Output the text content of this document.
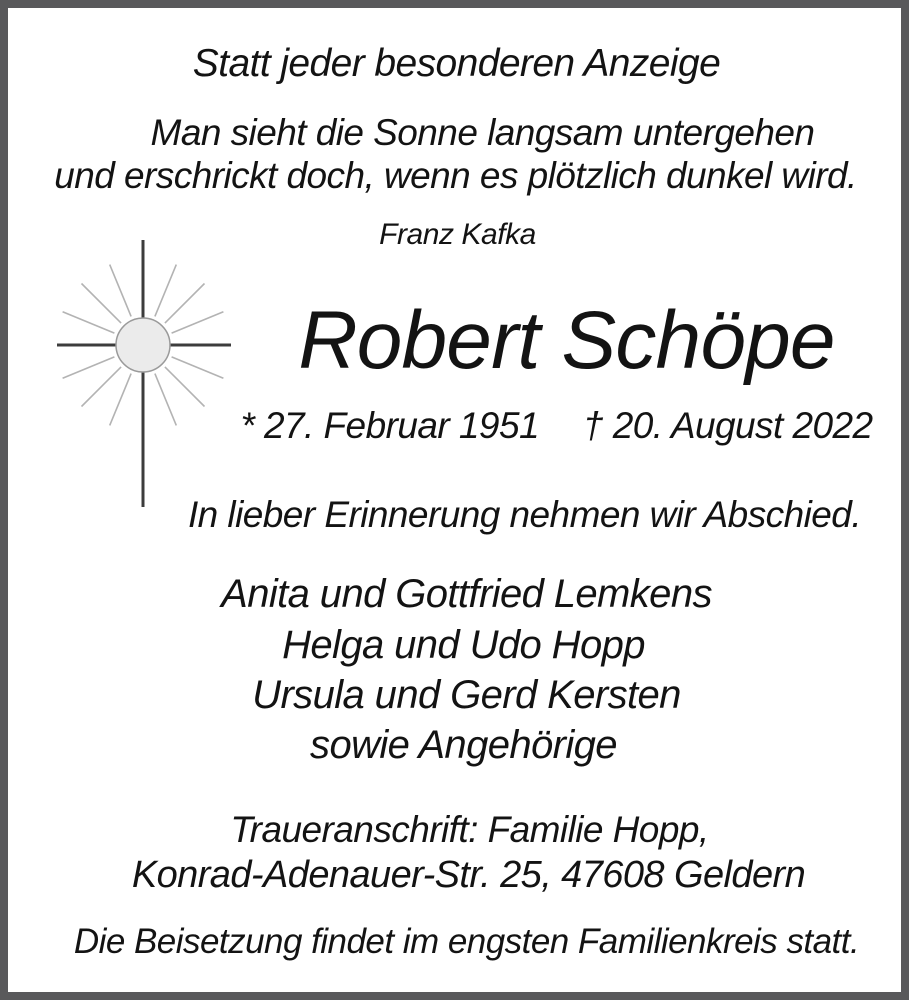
Statt jeder besonderen Anzeige
Man sieht die Sonne langsam untergehen
und erschrickt doch, wenn es plötzlich dunkel wird.
Franz Kafka
Robert Schöpe
* 27. Februar 1951 † 20. August 2022
In lieber Erinnerung nehmen wir Abschied.
Anita und Gottfried Lemkens
Helga und Udo Hopp
Ursula und Gerd Kersten
sowie Angehörige
Traueranschrift: Familie Hopp,
Konrad-Adenauer-Str. 25, 47608 Geldern
Die Beisetzung findet im engsten Familienkreis statt.
